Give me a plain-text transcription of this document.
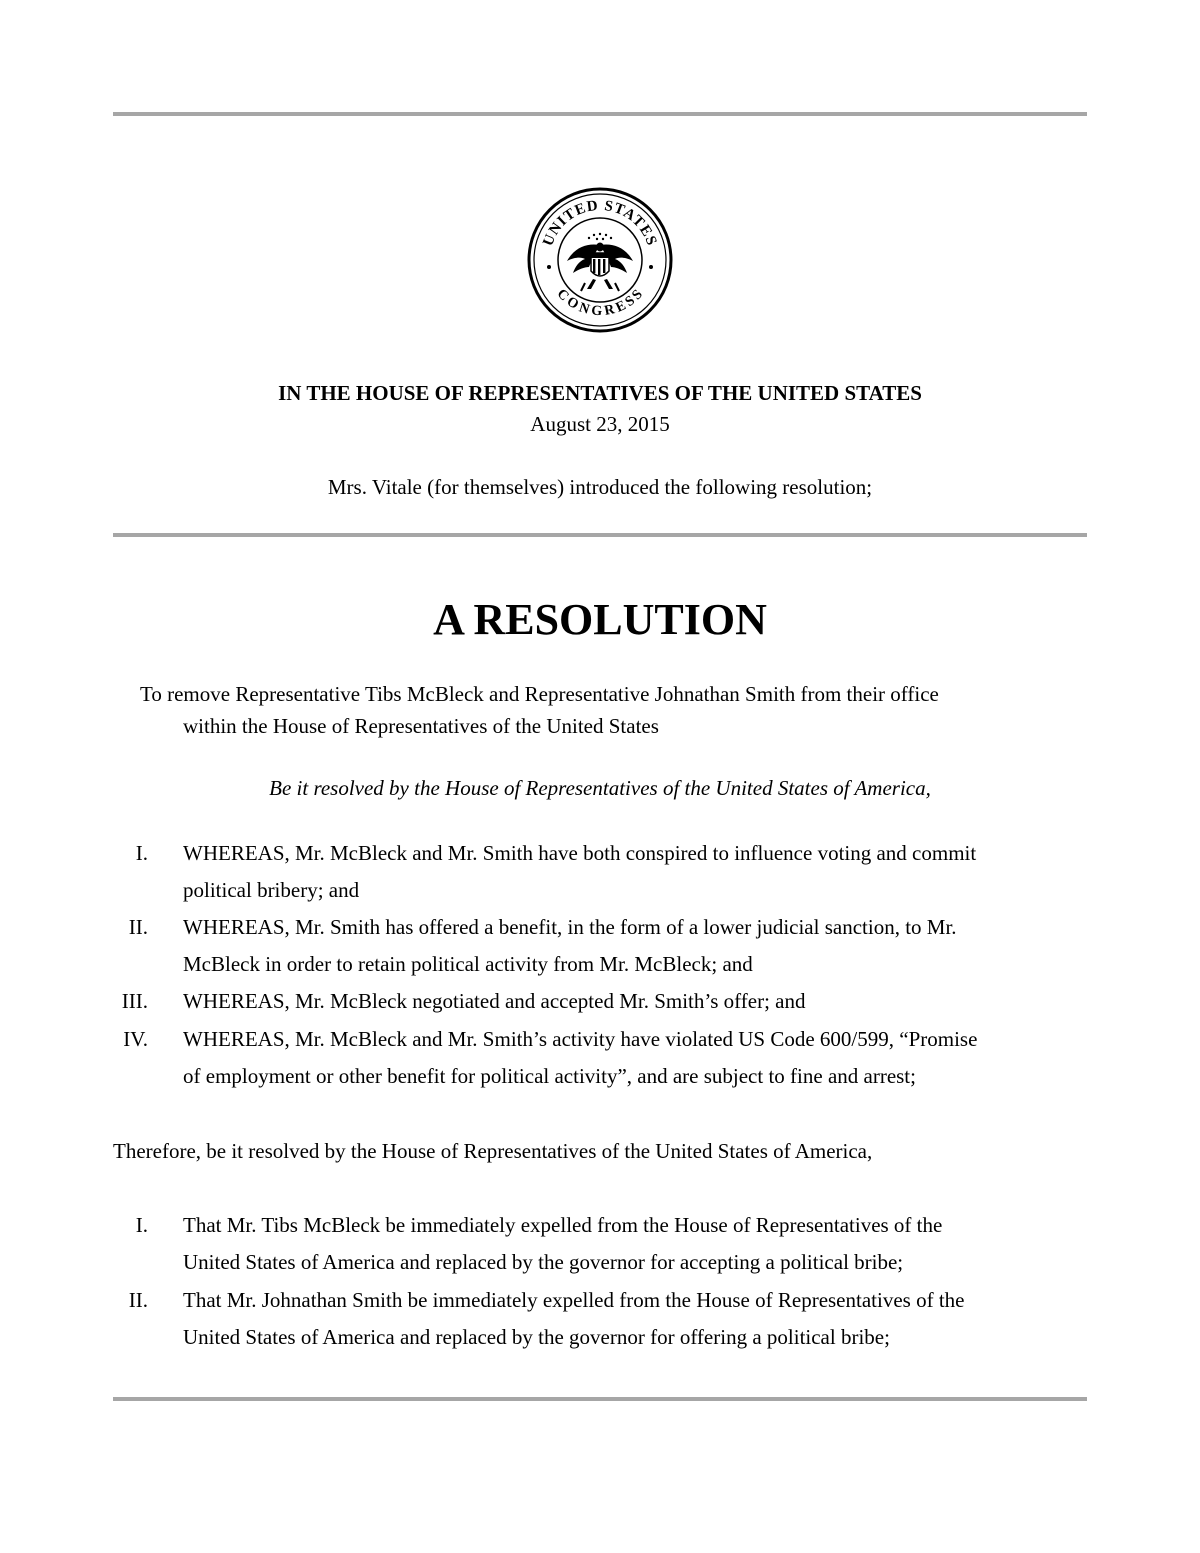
UNITED STATES
CONGRESS
IN THE HOUSE OF REPRESENTATIVES OF THE UNITED STATES
August 23, 2015
Mrs. Vitale (for themselves) introduced the following resolution;
A RESOLUTION
To remove Representative Tibs McBleck and Representative Johnathan Smith from their office
within the House of Representatives of the United States
Be it resolved by the House of Representatives of the United States of America,
I. WHEREAS, Mr. McBleck and Mr. Smith have both conspired to influence voting and commit
political bribery; and
II. WHEREAS, Mr. Smith has offered a benefit, in the form of a lower judicial sanction, to Mr.
McBleck in order to retain political activity from Mr. McBleck; and
III. WHEREAS, Mr. McBleck negotiated and accepted Mr. Smith’s offer; and
IV. WHEREAS, Mr. McBleck and Mr. Smith’s activity have violated US Code 600/599, “Promise
of employment or other benefit for political activity”, and are subject to fine and arrest;
Therefore, be it resolved by the House of Representatives of the United States of America,
I. That Mr. Tibs McBleck be immediately expelled from the House of Representatives of the
United States of America and replaced by the governor for accepting a political bribe;
II. That Mr. Johnathan Smith be immediately expelled from the House of Representatives of the
United States of America and replaced by the governor for offering a political bribe;
